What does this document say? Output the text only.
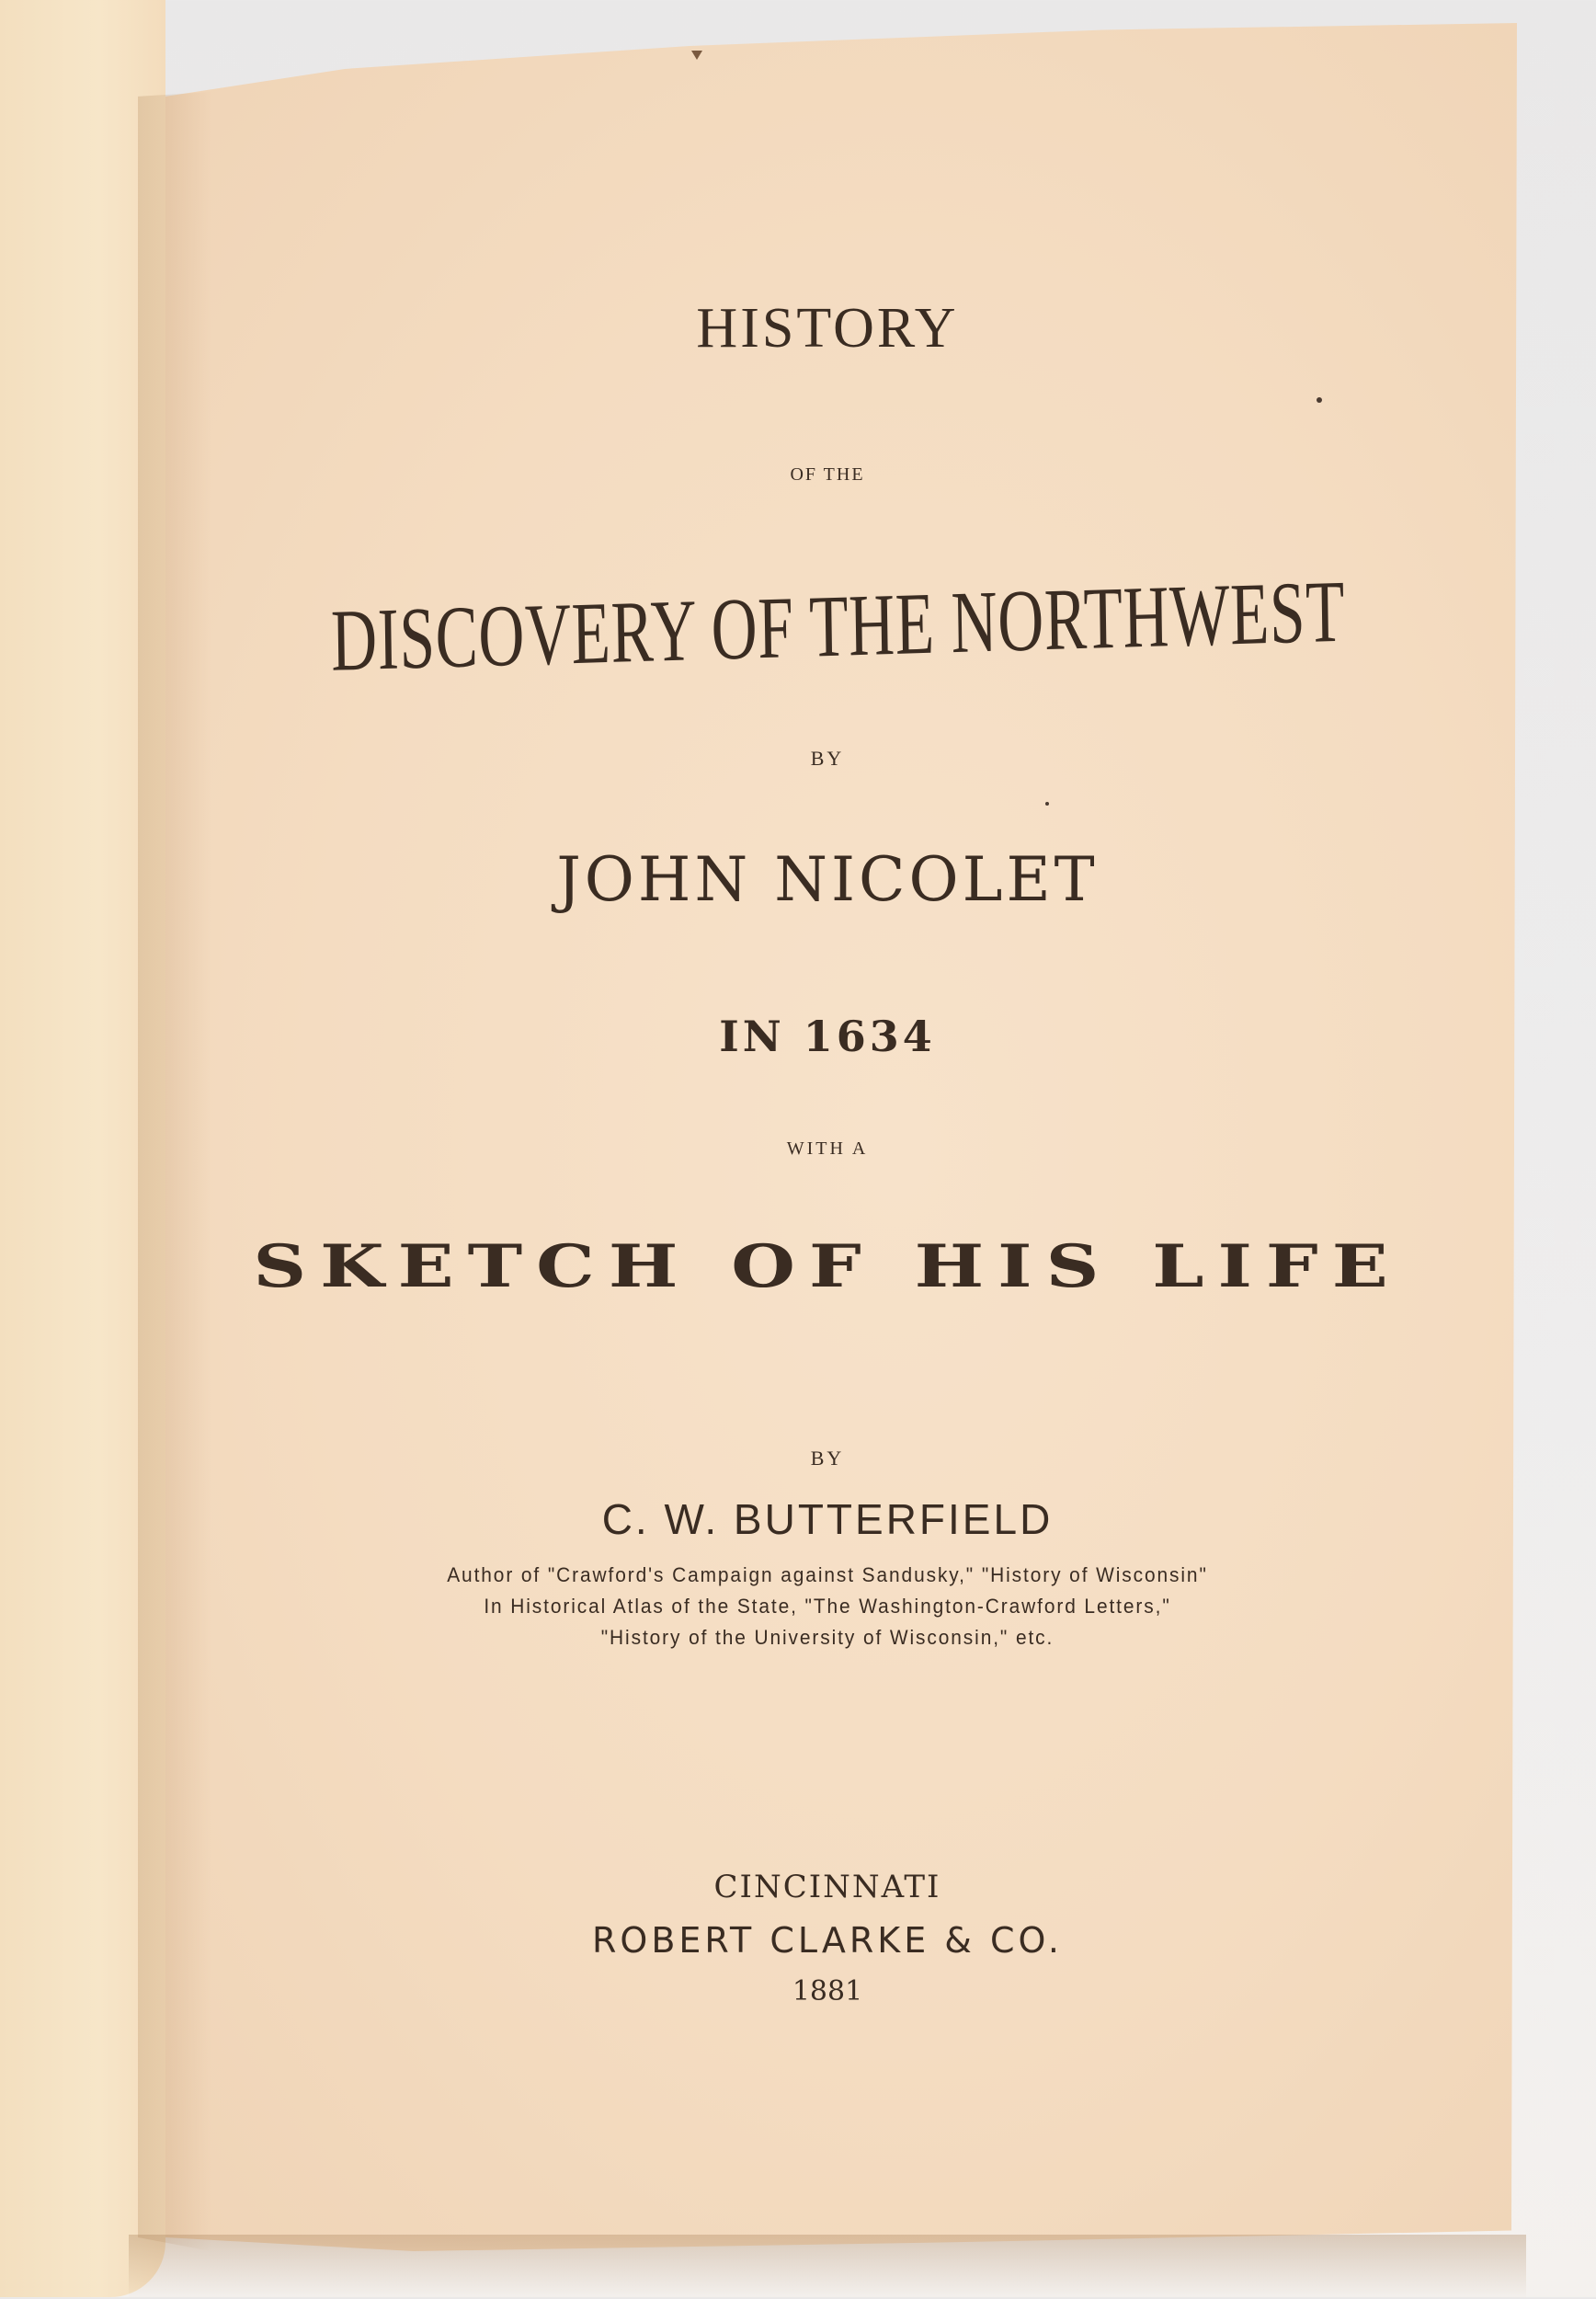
HISTORY

OF THE

DISCOVERY OF THE NORTHWEST

BY

JOHN NICOLET

IN 1634

WITH A

SKETCH OF HIS LIFE

BY

C. W. BUTTERFIELD

Author of "Crawford's Campaign against Sandusky," "History of Wisconsin"

In Historical Atlas of the State, "The Washington-Crawford Letters,"

"History of the University of Wisconsin," etc.

CINCINNATI

ROBERT CLARKE & CO.

1881
